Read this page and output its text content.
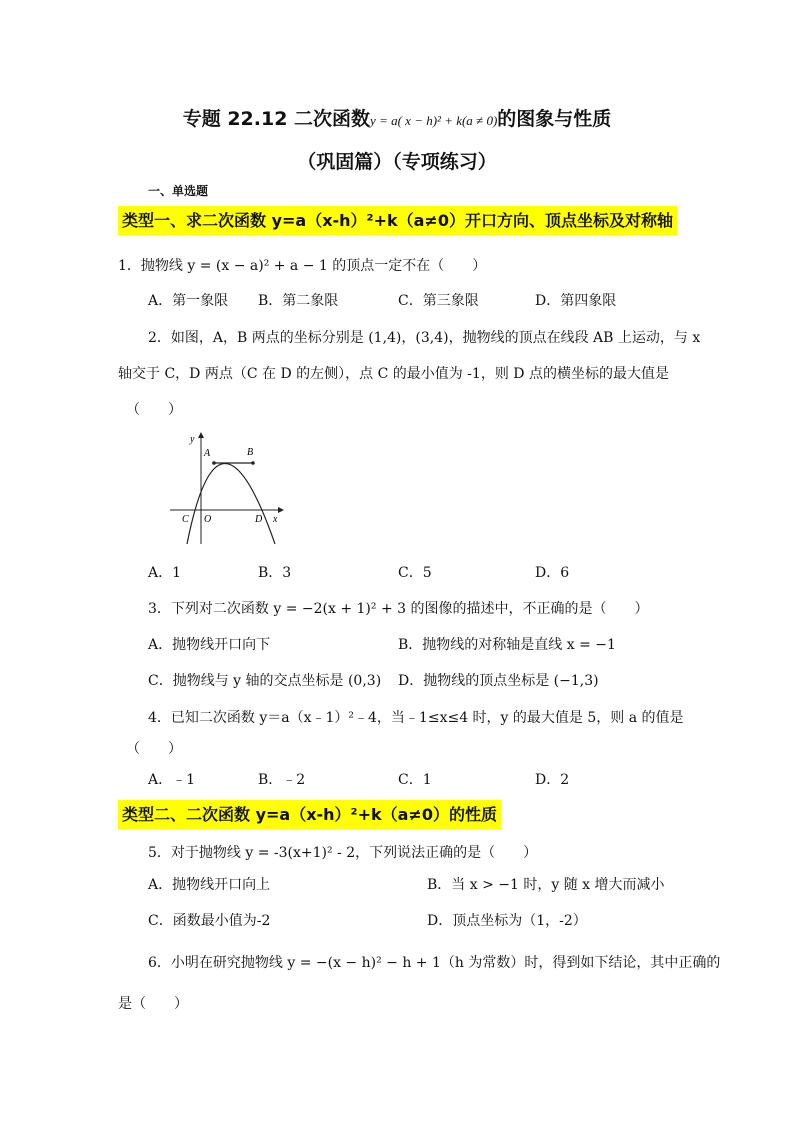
专题 22.12 二次函数y = a( x − h)² + k(a ≠ 0)的图象与性质
（巩固篇）（专项练习）
一、单选题
类型一、求二次函数 y=a（x-h）²+k（a≠0）开口方向、顶点坐标及对称轴
1．抛物线 y = (x − a)² + a − 1 的顶点一定不在（　　）
A．第一象限 B．第二象限	C．第三象限	D．第四象限
2．如图，A，B 两点的坐标分别是 (1,4)，(3,4)，抛物线的顶点在线段 AB 上运动，与 x
轴交于 C，D 两点（C 在 D 的左侧），点 C 的最小值为 -1，则 D 点的横坐标的最大值是
（　　）
y
A	B
C O	D x
A．1	B．3	C．5	D．6
3．下列对二次函数 y = −2(x + 1)² + 3 的图像的描述中，不正确的是（　　）
A．抛物线开口向下	B．抛物线的对称轴是直线 x = −1
C．抛物线与 y 轴的交点坐标是 (0,3) D．抛物线的顶点坐标是 (−1,3)
4．已知二次函数 y＝a（x﹣1）²﹣4，当﹣1≤x≤4 时，y 的最大值是 5，则 a 的值是
（　　）
A．﹣1	B．﹣2	C．1	D．2
类型二、二次函数 y=a（x-h）²+k（a≠0）的性质
5．对于抛物线 y = -3(x+1)² - 2，下列说法正确的是（　　）
A．抛物线开口向上	B．当 x > −1 时，y 随 x 增大而减小
C．函数最小值为-2	D．顶点坐标为（1，-2）
6．小明在研究抛物线 y = −(x − h)² − h + 1（h 为常数）时，得到如下结论，其中正确的
是（　　）
